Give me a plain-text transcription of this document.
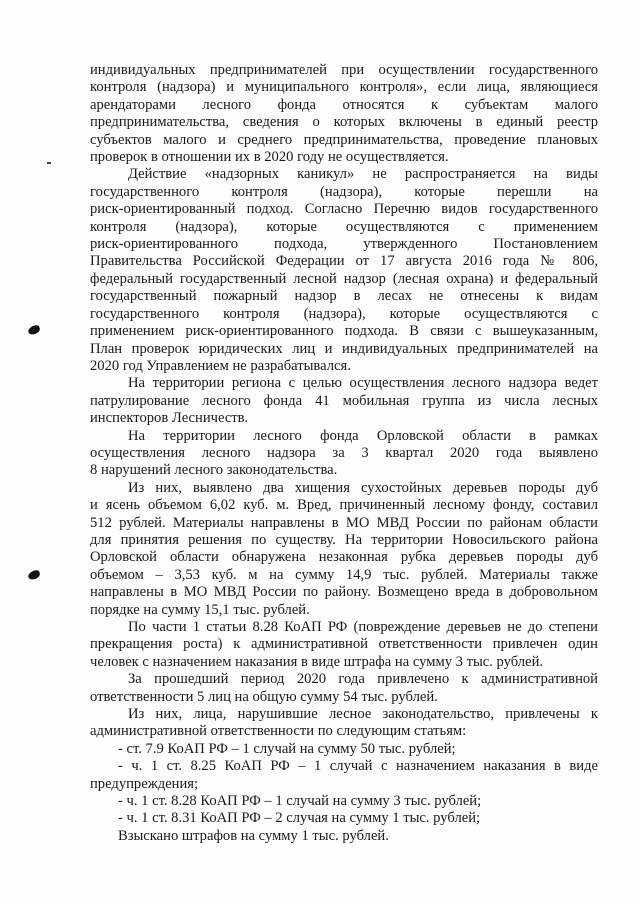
индивидуальных предпринимателей при осуществлении государственного
контроля (надзора) и муниципального контроля», если лица, являющиеся
арендаторами лесного фонда относятся к субъектам малого
предпринимательства, сведения о которых включены в единый реестр
субъектов малого и среднего предпринимательства, проведение плановых
проверок в отношении их в 2020 году не осуществляется.
Действие «надзорных каникул» не распространяется на виды
государственного контроля (надзора), которые перешли на
риск-ориентированный подход. Согласно Перечню видов государственного
контроля (надзора), которые осуществляются с применением
риск-ориентированного подхода, утвержденного Постановлением
Правительства Российской Федерации от 17 августа 2016 года № 806,
федеральный государственный лесной надзор (лесная охрана) и федеральный
государственный пожарный надзор в лесах не отнесены к видам
государственного контроля (надзора), которые осуществляются с
применением риск-ориентированного подхода. В связи с вышеуказанным,
План проверок юридических лиц и индивидуальных предпринимателей на
2020 год Управлением не разрабатывался.
На территории региона с целью осуществления лесного надзора ведет
патрулирование лесного фонда 41 мобильная группа из числа лесных
инспекторов Лесничеств.
На территории лесного фонда Орловской области в рамках
осуществления лесного надзора за 3 квартал 2020 года выявлено
8 нарушений лесного законодательства.
Из них, выявлено два хищения сухостойных деревьев породы дуб
и ясень объемом 6,02 куб. м. Вред, причиненный лесному фонду, составил
512 рублей. Материалы направлены в МО МВД России по районам области
для принятия решения по существу. На территории Новосильского района
Орловской области обнаружена незаконная рубка деревьев породы дуб
объемом – 3,53 куб. м на сумму 14,9 тыс. рублей. Материалы также
направлены в МО МВД России по району. Возмещено вреда в добровольном
порядке на сумму 15,1 тыс. рублей.
По части 1 статьи 8.28 КоАП РФ (повреждение деревьев не до степени
прекращения роста) к административной ответственности привлечен один
человек с назначением наказания в виде штрафа на сумму 3 тыс. рублей.
За прошедший период 2020 года привлечено к административной
ответственности 5 лиц на общую сумму 54 тыс. рублей.
Из них, лица, нарушившие лесное законодательство, привлечены к
административной ответственности по следующим статьям:
- ст. 7.9 КоАП РФ – 1 случай на сумму 50 тыс. рублей;
- ч. 1 ст. 8.25 КоАП РФ – 1 случай с назначением наказания в виде
предупреждения;
- ч. 1 ст. 8.28 КоАП РФ – 1 случай на сумму 3 тыс. рублей;
- ч. 1 ст. 8.31 КоАП РФ – 2 случая на сумму 1 тыс. рублей;
Взыскано штрафов на сумму 1 тыс. рублей.
